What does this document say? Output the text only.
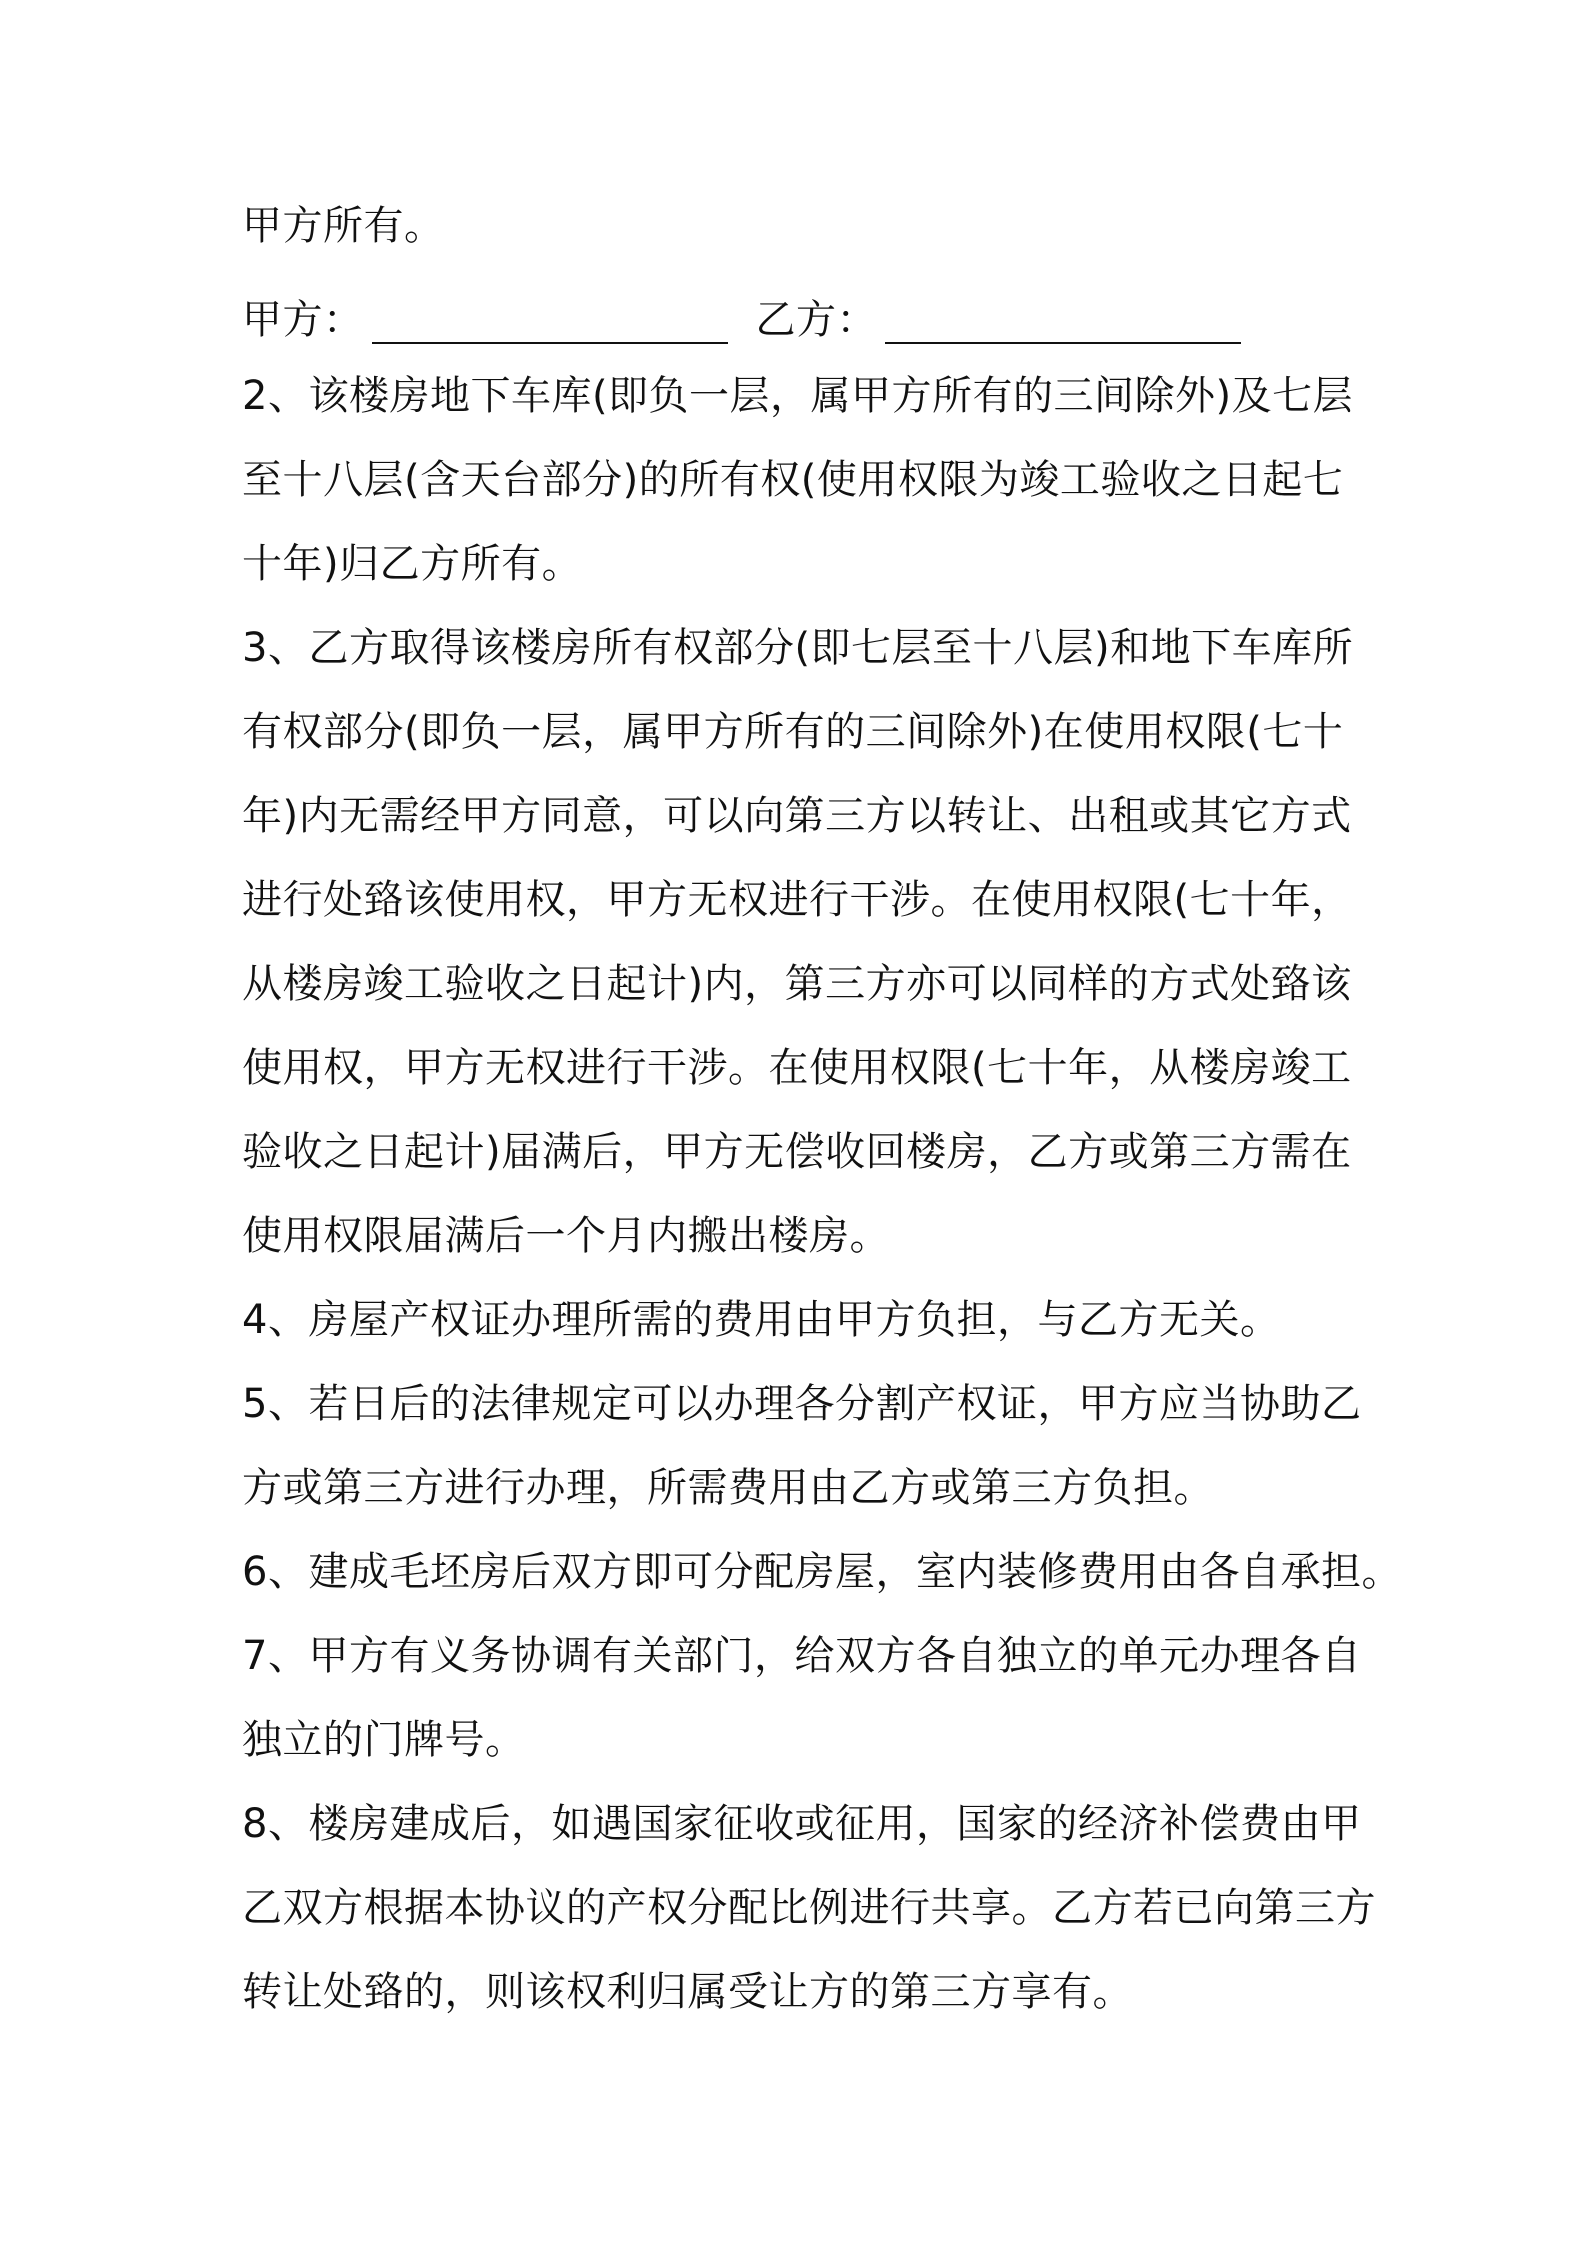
甲方所有。
甲方：	乙方：
2、该楼房地下车库(即负一层，属甲方所有的三间除外)及七层
至十八层(含天台部分)的所有权(使用权限为竣工验收之日起七
十年)归乙方所有。
3、乙方取得该楼房所有权部分(即七层至十八层)和地下车库所
有权部分(即负一层，属甲方所有的三间除外)在使用权限(七十
年)内无需经甲方同意，可以向第三方以转让、出租或其它方式
进行处臵该使用权，甲方无权进行干涉。在使用权限(七十年，
从楼房竣工验收之日起计)内，第三方亦可以同样的方式处臵该
使用权，甲方无权进行干涉。在使用权限(七十年，从楼房竣工
验收之日起计)届满后，甲方无偿收回楼房，乙方或第三方需在
使用权限届满后一个月内搬出楼房。
4、房屋产权证办理所需的费用由甲方负担，与乙方无关。
5、若日后的法律规定可以办理各分割产权证，甲方应当协助乙
方或第三方进行办理，所需费用由乙方或第三方负担。
6、建成毛坯房后双方即可分配房屋，室内装修费用由各自承担。
7、甲方有义务协调有关部门，给双方各自独立的单元办理各自
独立的门牌号。
8、楼房建成后，如遇国家征收或征用，国家的经济补偿费由甲
乙双方根据本协议的产权分配比例进行共享。乙方若已向第三方
转让处臵的，则该权利归属受让方的第三方享有。
